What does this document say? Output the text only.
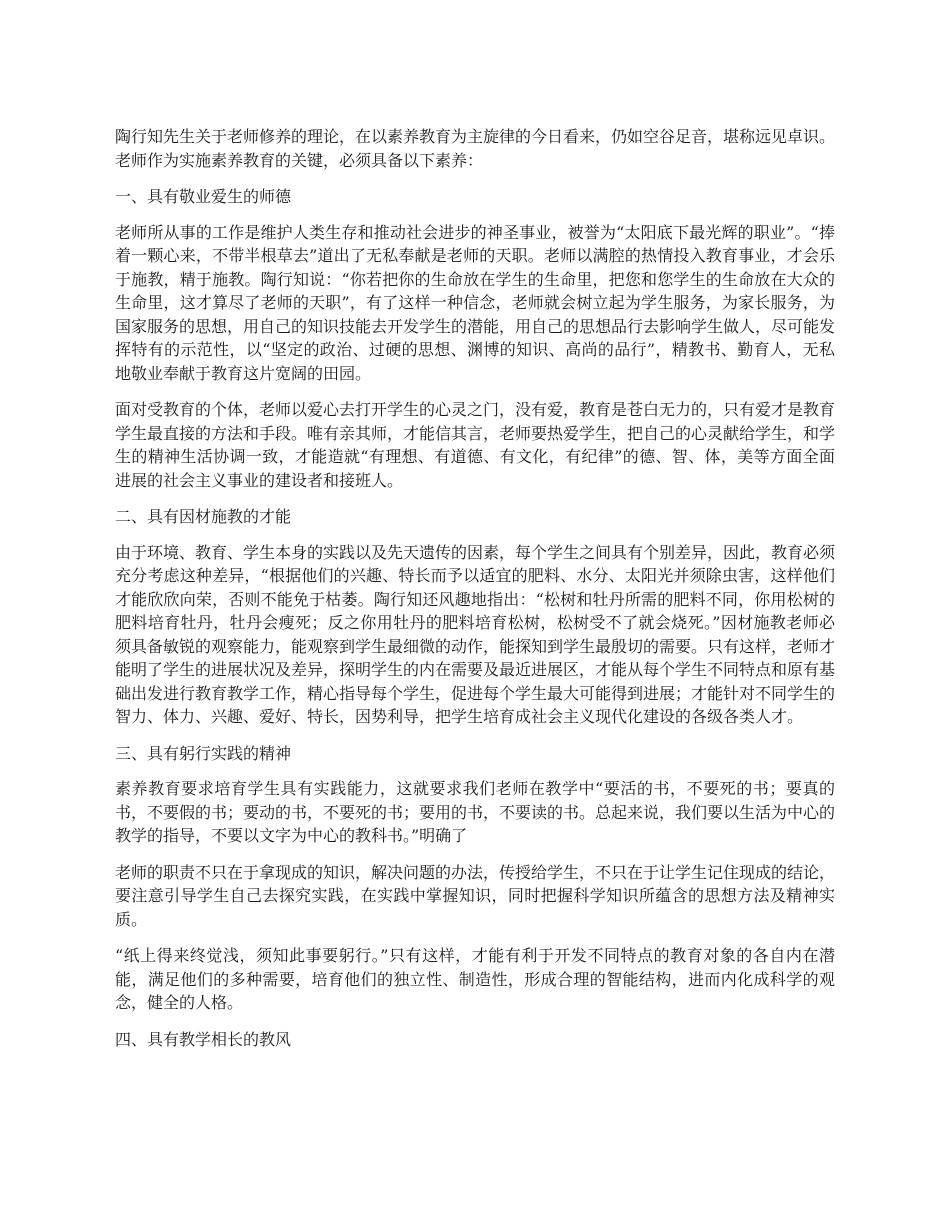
陶行知先生关于老师修养的理论，在以素养教育为主旋律的今日看来，仍如空谷足音，堪称远见卓识。老师作为实施素养教育的关键，必须具备以下素养：

一、具有敬业爱生的师德

老师所从事的工作是维护人类生存和推动社会进步的神圣事业，被誉为“太阳底下最光辉的职业”。“捧着一颗心来，不带半根草去”道出了无私奉献是老师的天职。老师以满腔的热情投入教育事业，才会乐于施教，精于施教。陶行知说：“你若把你的生命放在学生的生命里，把您和您学生的生命放在大众的生命里，这才算尽了老师的天职”，有了这样一种信念，老师就会树立起为学生服务，为家长服务，为国家服务的思想，用自己的知识技能去开发学生的潜能，用自己的思想品行去影响学生做人，尽可能发挥特有的示范性，以“坚定的政治、过硬的思想、渊博的知识、高尚的品行”，精教书、勤育人，无私地敬业奉献于教育这片宽阔的田园。

面对受教育的个体，老师以爱心去打开学生的心灵之门，没有爱，教育是苍白无力的，只有爱才是教育学生最直接的方法和手段。唯有亲其师，才能信其言，老师要热爱学生，把自己的心灵献给学生，和学生的精神生活协调一致，才能造就“有理想、有道德、有文化，有纪律”的德、智、体，美等方面全面进展的社会主义事业的建设者和接班人。

二、具有因材施教的才能

由于环境、教育、学生本身的实践以及先天遗传的因素，每个学生之间具有个别差异，因此，教育必须充分考虑这种差异，“根据他们的兴趣、特长而予以适宜的肥料、水分、太阳光并须除虫害，这样他们才能欣欣向荣，否则不能免于枯萎。陶行知还风趣地指出：“松树和牡丹所需的肥料不同，你用松树的肥料培育牡丹，牡丹会瘦死；反之你用牡丹的肥料培育松树，松树受不了就会烧死。”因材施教老师必须具备敏锐的观察能力，能观察到学生最细微的动作，能探知到学生最殷切的需要。只有这样，老师才能明了学生的进展状况及差异，探明学生的内在需要及最近进展区，才能从每个学生不同特点和原有基础出发进行教育教学工作，精心指导每个学生，促进每个学生最大可能得到进展；才能针对不同学生的智力、体力、兴趣、爱好、特长，因势利导，把学生培育成社会主义现代化建设的各级各类人才。

三、具有躬行实践的精神

素养教育要求培育学生具有实践能力，这就要求我们老师在教学中“要活的书，不要死的书；要真的书，不要假的书；要动的书，不要死的书；要用的书，不要读的书。总起来说，我们要以生活为中心的教学的指导，不要以文字为中心的教科书。”明确了

老师的职责不只在于拿现成的知识，解决问题的办法，传授给学生，不只在于让学生记住现成的结论，要注意引导学生自己去探究实践，在实践中掌握知识，同时把握科学知识所蕴含的思想方法及精神实质。

“纸上得来终觉浅，须知此事要躬行。”只有这样，才能有利于开发不同特点的教育对象的各自内在潜能，满足他们的多种需要，培育他们的独立性、制造性，形成合理的智能结构，进而内化成科学的观念，健全的人格。

四、具有教学相长的教风
